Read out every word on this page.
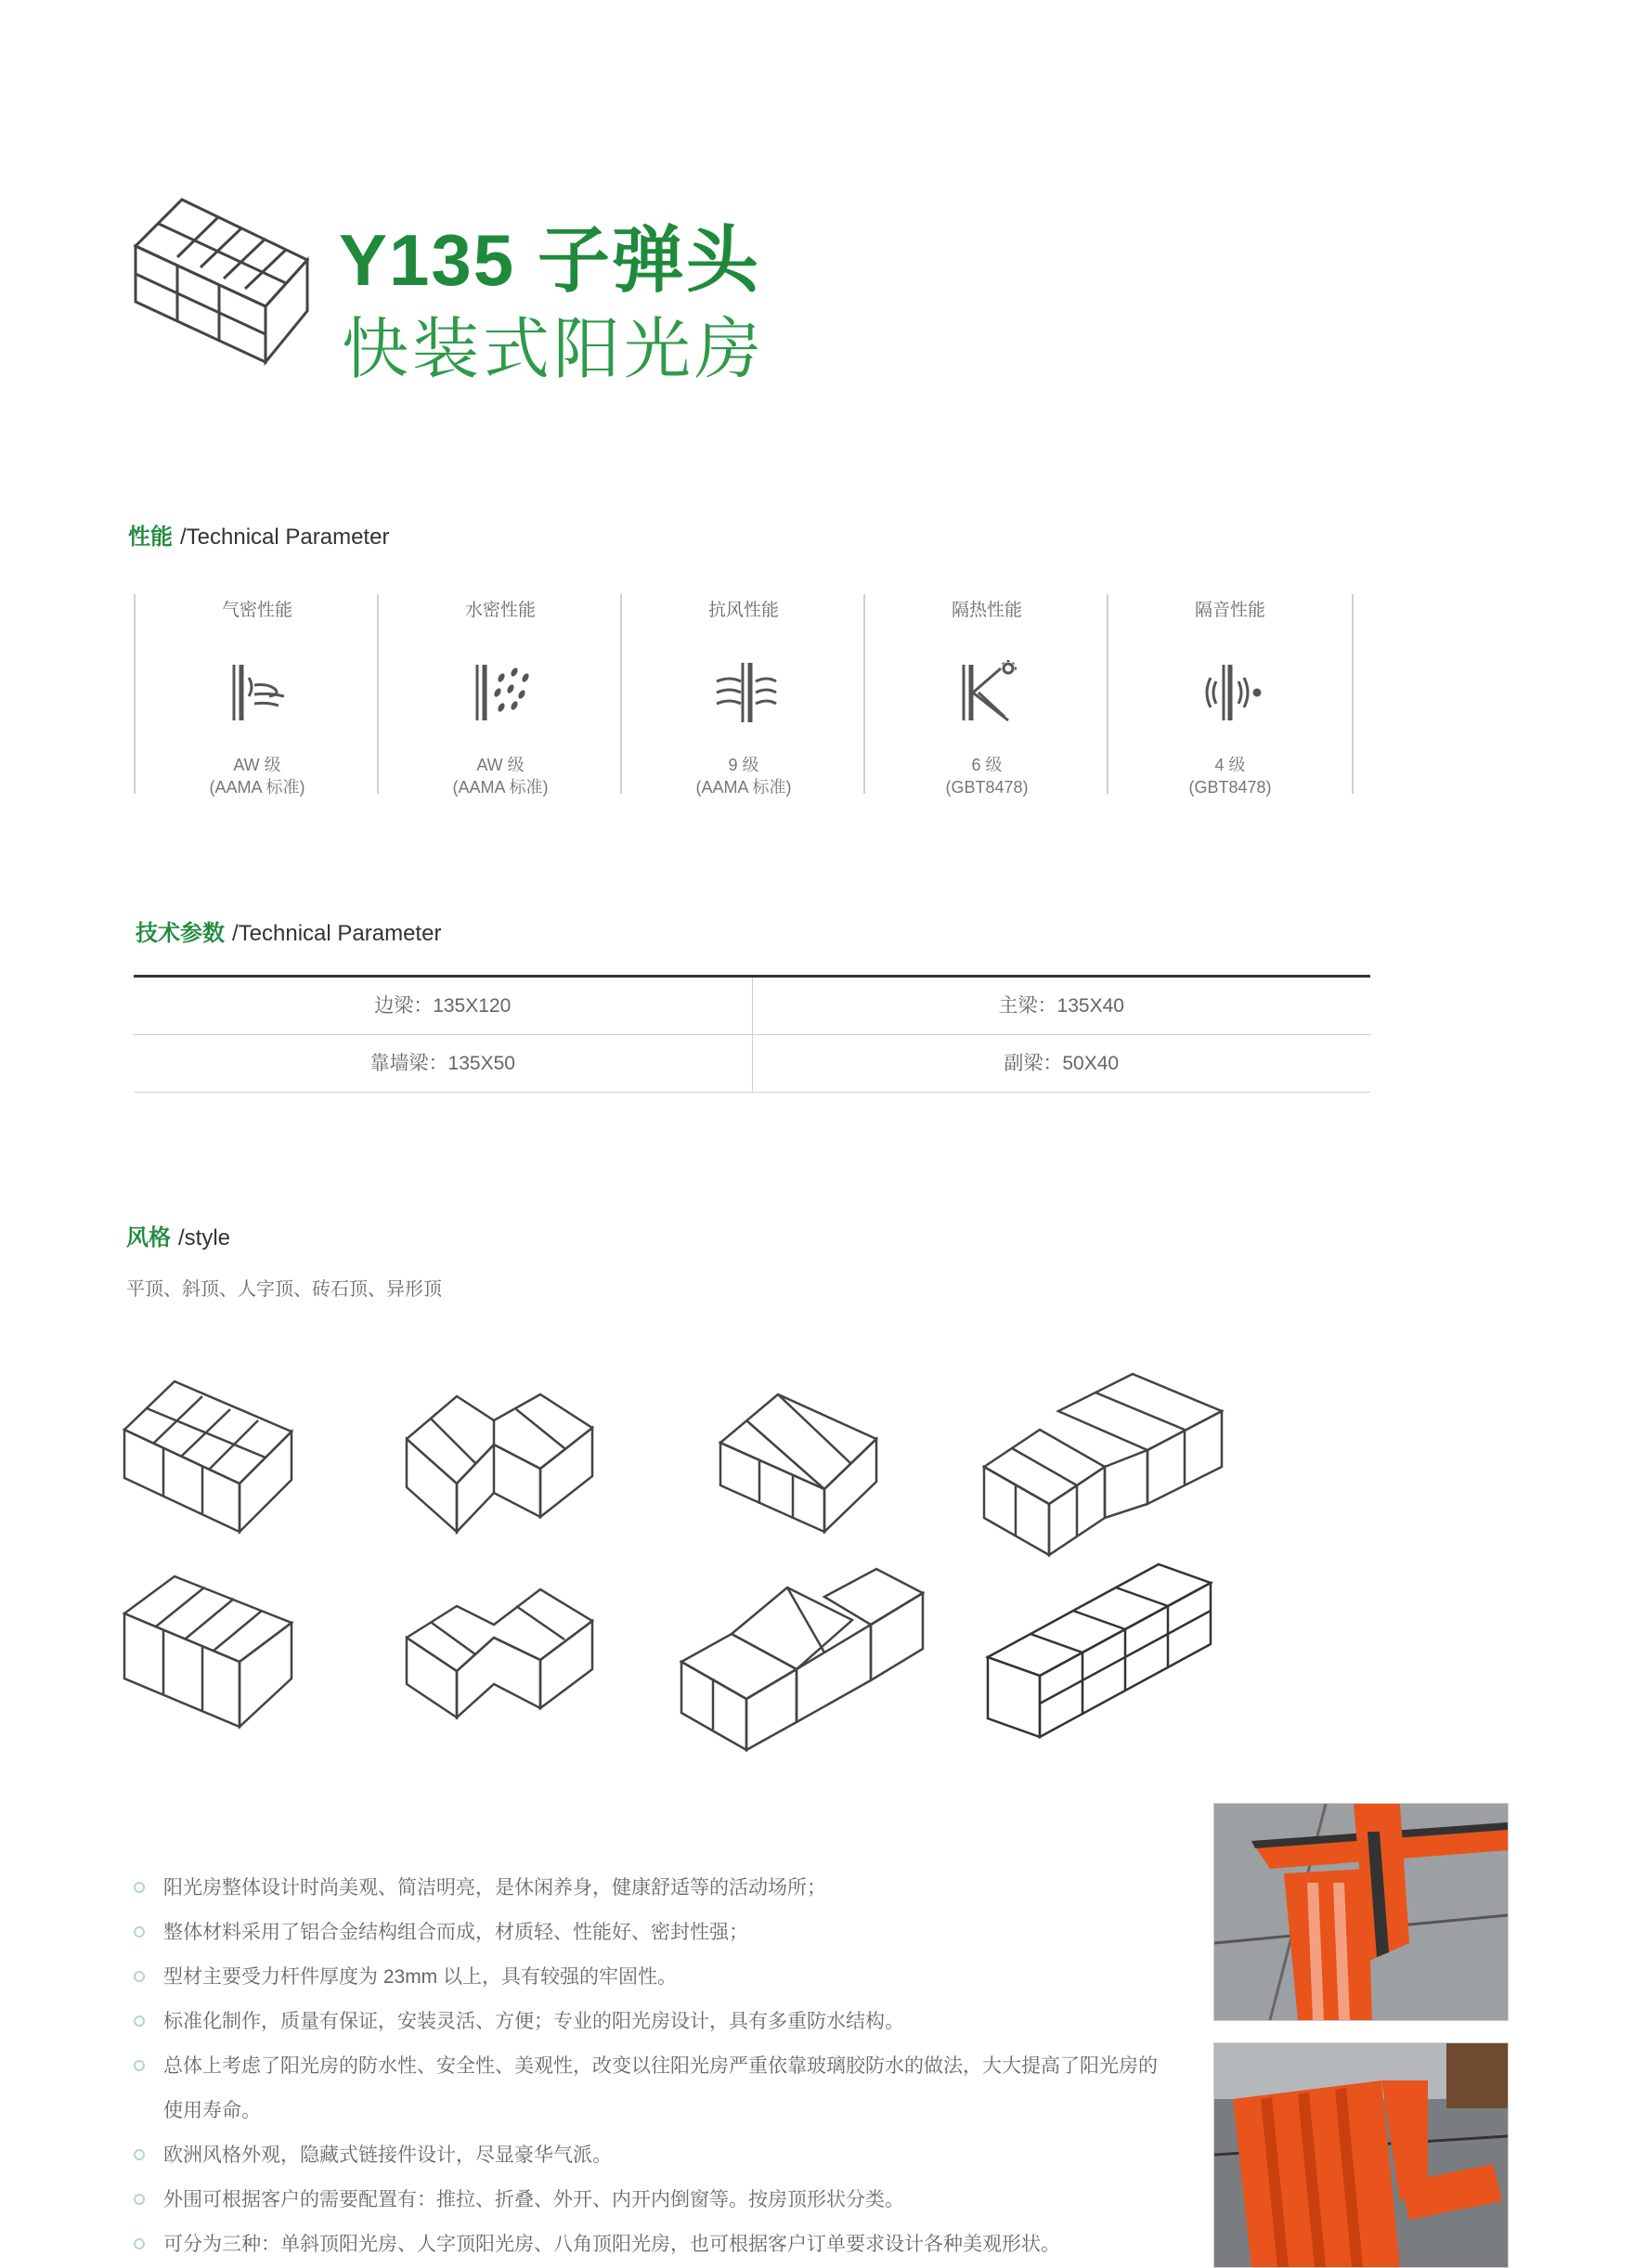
Y135 子弹头
快装式阳光房
性能 /Technical Parameter
气密性能
AW 级
(AAMA 标准)
水密性能
AW 级
(AAMA 标准)
抗风性能
9 级
(AAMA 标准)
隔热性能
6 级
(GBT8478)
隔音性能
4 级
(GBT8478)
技术参数 /Technical Parameter
边梁：135X120	主梁：135X40
靠墙梁：135X50	副梁：50X40
风格 /style
平顶、斜顶、人字顶、砖石顶、异形顶
阳光房整体设计时尚美观、简洁明亮，是休闲养身，健康舒适等的活动场所；
整体材料采用了铝合金结构组合而成，材质轻、性能好、密封性强；
型材主要受力杆件厚度为 23mm 以上，具有较强的牢固性。
标准化制作，质量有保证，安装灵活、方便；专业的阳光房设计，具有多重防水结构。
总体上考虑了阳光房的防水性、安全性、美观性，改变以往阳光房严重依靠玻璃胶防水的做法，大大提高了阳光房的使用寿命。
欧洲风格外观，隐藏式链接件设计，尽显豪华气派。
外围可根据客户的需要配置有：推拉、折叠、外开、内开内倒窗等。按房顶形状分类。
可分为三种：单斜顶阳光房、人字顶阳光房、八角顶阳光房，也可根据客户订单要求设计各种美观形状。
